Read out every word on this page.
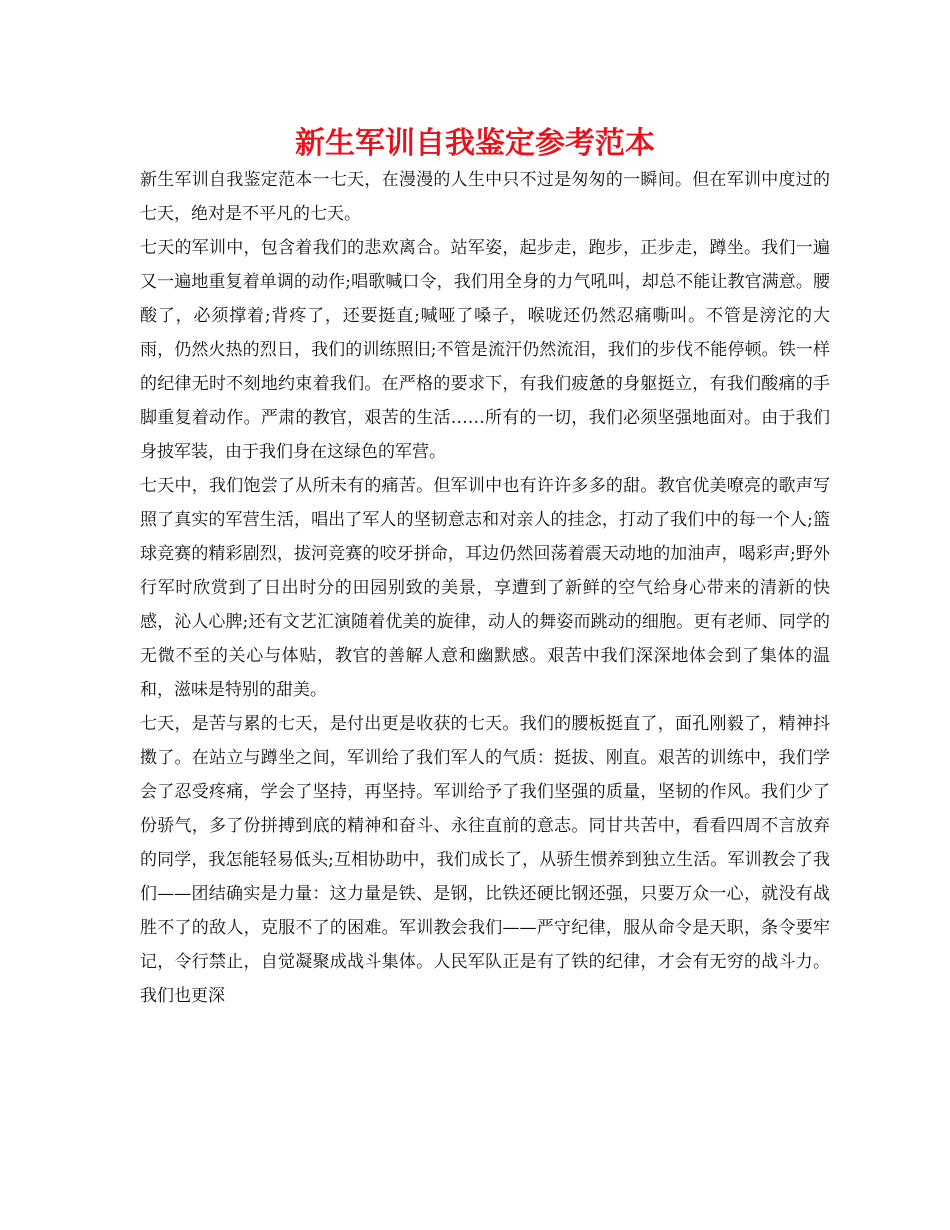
新生军训自我鉴定参考范本

新生军训自我鉴定范本一七天，在漫漫的人生中只不过是匆匆的一瞬间。但在军训中度过的七天，绝对是不平凡的七天。

七天的军训中，包含着我们的悲欢离合。站军姿，起步走，跑步，正步走，蹲坐。我们一遍又一遍地重复着单调的动作;唱歌喊口令，我们用全身的力气吼叫，却总不能让教官满意。腰酸了，必须撑着;背疼了，还要挺直;喊哑了嗓子，喉咙还仍然忍痛嘶叫。不管是滂沱的大雨，仍然火热的烈日，我们的训练照旧;不管是流汗仍然流泪，我们的步伐不能停顿。铁一样的纪律无时不刻地约束着我们。在严格的要求下，有我们疲惫的身躯挺立，有我们酸痛的手脚重复着动作。严肃的教官，艰苦的生活……所有的一切，我们必须坚强地面对。由于我们身披军装，由于我们身在这绿色的军营。

七天中，我们饱尝了从所未有的痛苦。但军训中也有许许多多的甜。教官优美嘹亮的歌声写照了真实的军营生活，唱出了军人的坚韧意志和对亲人的挂念，打动了我们中的每一个人;篮球竞赛的精彩剧烈，拔河竞赛的咬牙拼命，耳边仍然回荡着震天动地的加油声，喝彩声;野外行军时欣赏到了日出时分的田园别致的美景，享遭到了新鲜的空气给身心带来的清新的快感，沁人心脾;还有文艺汇演随着优美的旋律，动人的舞姿而跳动的细胞。更有老师、同学的无微不至的关心与体贴，教官的善解人意和幽默感。艰苦中我们深深地体会到了集体的温和，滋味是特别的甜美。

七天，是苦与累的七天，是付出更是收获的七天。我们的腰板挺直了，面孔刚毅了，精神抖擞了。在站立与蹲坐之间，军训给了我们军人的气质：挺拔、刚直。艰苦的训练中，我们学会了忍受疼痛，学会了坚持，再坚持。军训给予了我们坚强的质量，坚韧的作风。我们少了份骄气，多了份拼搏到底的精神和奋斗、永往直前的意志。同甘共苦中，看看四周不言放弃的同学，我怎能轻易低头;互相协助中，我们成长了，从骄生惯养到独立生活。军训教会了我们——团结确实是力量：这力量是铁、是钢，比铁还硬比钢还强，只要万众一心，就没有战胜不了的敌人，克服不了的困难。军训教会我们——严守纪律，服从命令是天职，条令要牢记，令行禁止，自觉凝聚成战斗集体。人民军队正是有了铁的纪律，才会有无穷的战斗力。我们也更深
